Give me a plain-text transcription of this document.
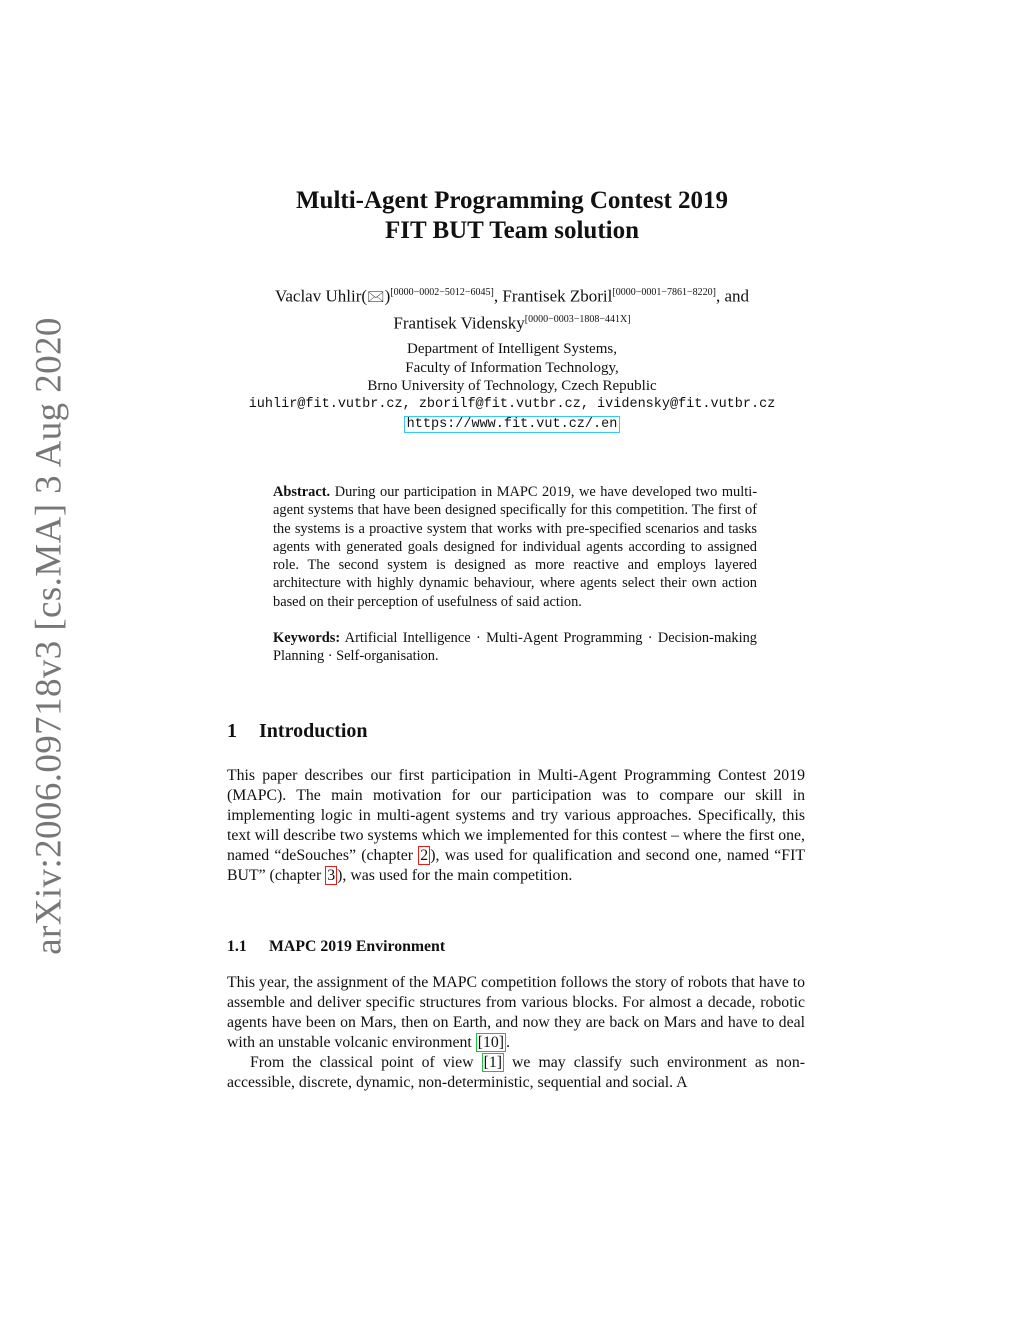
arXiv:2006.09718v3 [cs.MA] 3 Aug 2020
Multi-Agent Programming Contest 2019
FIT BUT Team solution
Vaclav Uhlir(🖂)[0000−0002−5012−6045], Frantisek Zboril[0000−0001−7861−8220], and
Frantisek Vidensky[0000−0003−1808−441X]
Department of Intelligent Systems,
Faculty of Information Technology,
Brno University of Technology, Czech Republic
iuhlir@fit.vutbr.cz, zborilf@fit.vutbr.cz, ividensky@fit.vutbr.cz
https://www.fit.vut.cz/.en
Abstract. During our participation in MAPC 2019, we have developed two multi-agent systems that have been designed specifically for this competition. The first of the systems is a proactive system that works with pre-specified scenarios and tasks agents with generated goals designed for individual agents according to assigned role. The second system is designed as more reactive and employs layered architecture with highly dynamic behaviour, where agents select their own action based on their perception of usefulness of said action.
Keywords: Artificial Intelligence · Multi-Agent Programming · Decision-making Planning · Self-organisation.
1 Introduction
This paper describes our first participation in Multi-Agent Programming Contest 2019 (MAPC). The main motivation for our participation was to compare our skill in implementing logic in multi-agent systems and try various approaches. Specifically, this text will describe two systems which we implemented for this contest – where the first one, named “deSouches” (chapter 2 ), was used for qualification and second one, named “FIT BUT” (chapter 3 ), was used for the main competition.
1.1 MAPC 2019 Environment
This year, the assignment of the MAPC competition follows the story of robots that have to assemble and deliver specific structures from various blocks. For almost a decade, robotic agents have been on Mars, then on Earth, and now they are back on Mars and have to deal with an unstable volcanic environment [10] .
From the classical point of view [1] we may classify such environment as non-accessible, discrete, dynamic, non-deterministic, sequential and social. A
